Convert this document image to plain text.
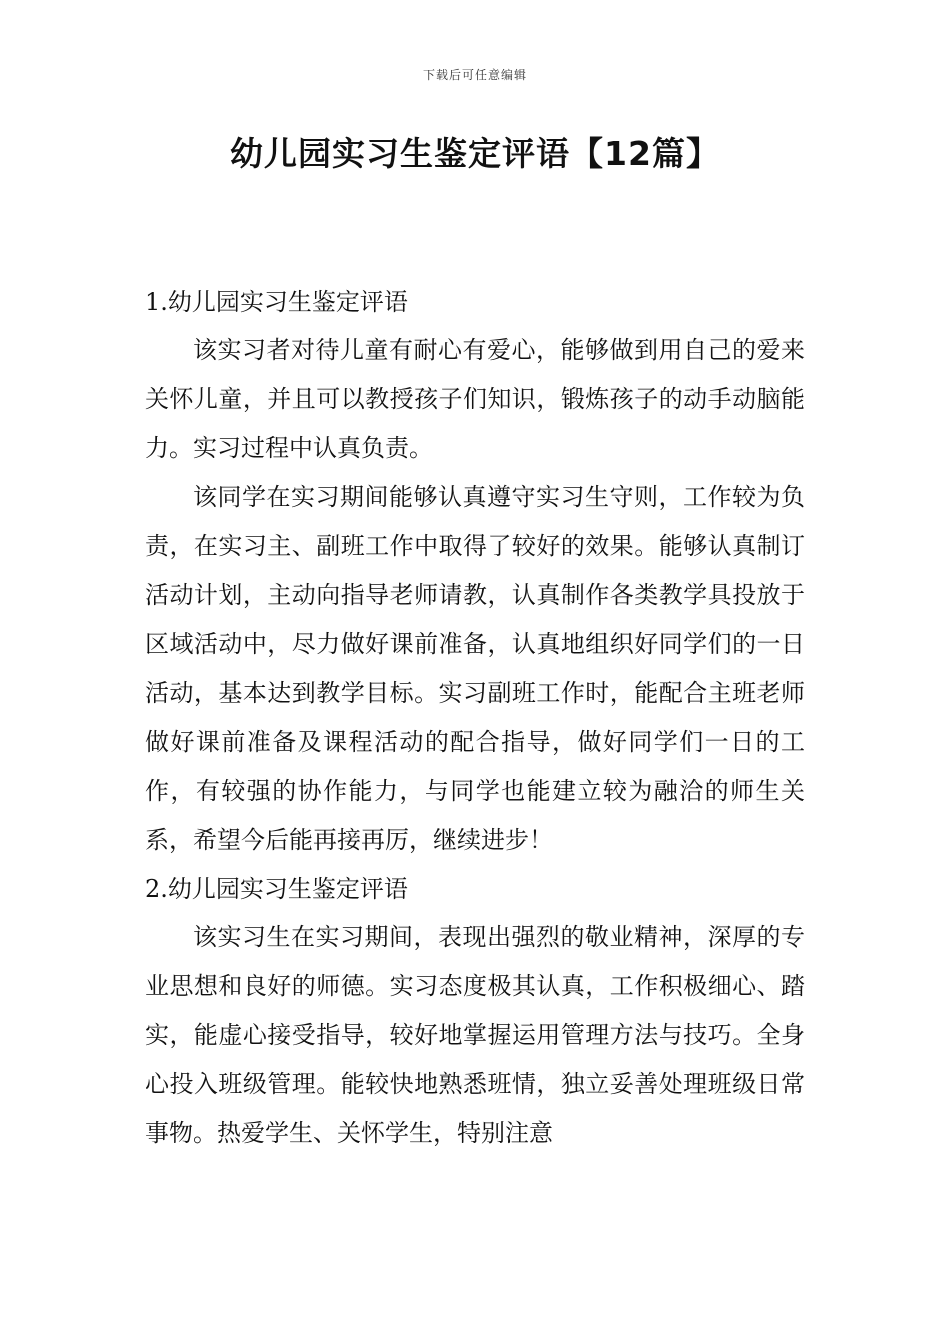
下载后可任意编辑
幼儿园实习生鉴定评语【12篇】

1.幼儿园实习生鉴定评语

该实习者对待儿童有耐心有爱心，能够做到用自己的爱来关怀儿童，并且可以教授孩子们知识，锻炼孩子的动手动脑能力。实习过程中认真负责。

该同学在实习期间能够认真遵守实习生守则，工作较为负责，在实习主、副班工作中取得了较好的效果。能够认真制订活动计划，主动向指导老师请教，认真制作各类教学具投放于区域活动中，尽力做好课前准备，认真地组织好同学们的一日活动，基本达到教学目标。实习副班工作时，能配合主班老师做好课前准备及课程活动的配合指导，做好同学们一日的工作，有较强的协作能力，与同学也能建立较为融洽的师生关系，希望今后能再接再厉，继续进步！

2.幼儿园实习生鉴定评语

该实习生在实习期间，表现出强烈的敬业精神，深厚的专业思想和良好的师德。实习态度极其认真，工作积极细心、踏实，能虚心接受指导，较好地掌握运用管理方法与技巧。全身心投入班级管理。能较快地熟悉班情，独立妥善处理班级日常事物。热爱学生、关怀学生，特别注意
